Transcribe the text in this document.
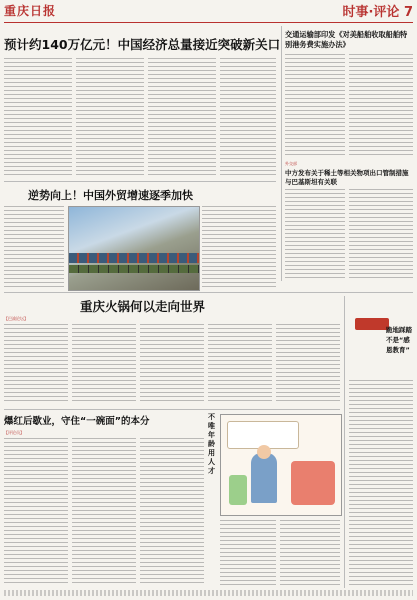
重庆日报	时事·评论 7
预计约140万亿元！中国经济总量接近突破新关口
交通运输部印发《对美船舶收取船舶特别港务费实施办法》
外交部
中方发布关于稀土等相关物项出口管制措施与巴基斯坦有关联
逆势向上！中国外贸增速逐季加快
重庆火锅何以走向世界
【巴渝论坛】
跪地踩踏不是“感恩教育”
爆红后歇业，守住“一碗面”的本分
【评论员】
不唯年龄用人才
